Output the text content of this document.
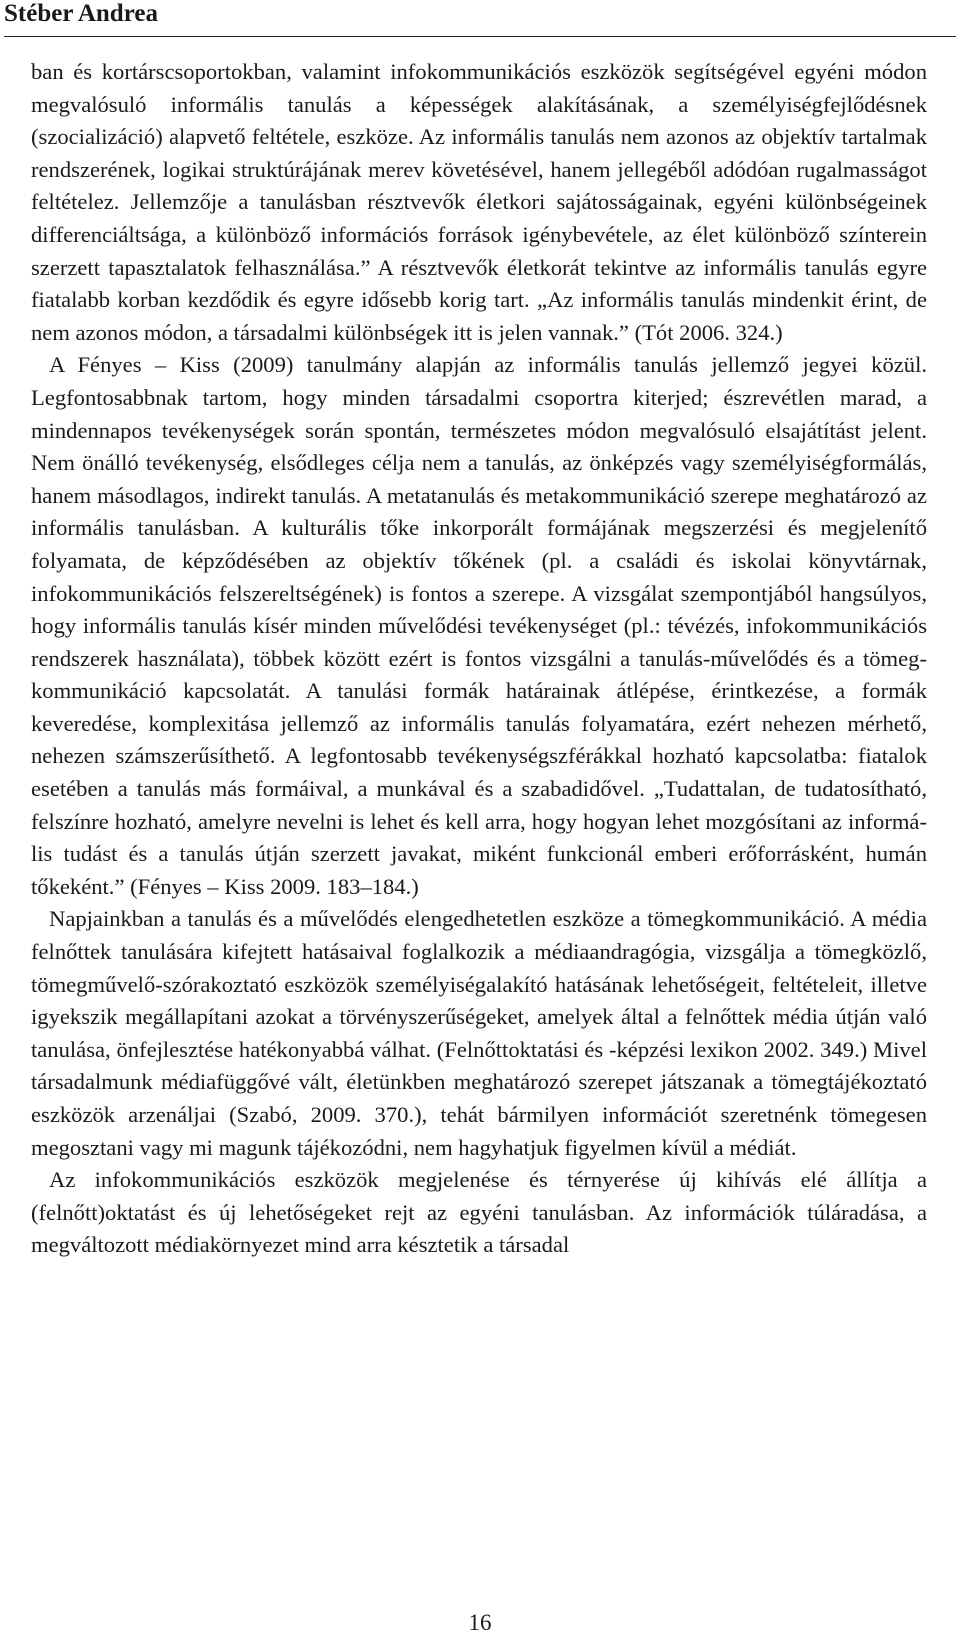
Stéber Andrea

ban és kortárscsoportokban, valamint infokommunikációs eszközök segítségével egyéni módon megvalósuló informális tanulás a képességek alakításának, a személyiségfejlődésnek (szocializáció) alapvető feltétele, eszköze. Az informális tanulás nem azonos az objektív tartalmak rendszerének, logikai struktúrájának merev követésével, hanem jellegéből adódóan rugalmasságot feltételez. Jellemzője a tanulásban résztvevők életkori sajátosságainak, egyéni különbségeinek differenciáltsága, a különböző információs források igénybevétele, az élet különböző színterein szerzett tapasztalatok felhasználása.” A résztvevők életkorát tekintve az informális tanulás egyre fiatalabb korban kezdődik és egyre idősebb korig tart. „Az informális tanulás mindenkit érint, de nem azonos módon, a társadalmi különbségek itt is jelen vannak.” (Tót 2006. 324.)

A Fényes – Kiss (2009) tanulmány alapján az informális tanulás jellemző jegyei közül. Legfontosabbnak tartom, hogy minden társadalmi csoportra kiterjed; észrevétlen marad, a mindennapos tevékenységek során spontán, természetes módon megvalósuló elsajátítást jelent. Nem önálló tevékenység, elsődleges célja nem a tanulás, az önképzés vagy személyiségformálás, hanem másodlagos, indirekt tanulás. A metatanulás és metakommunikáció szerepe meghatározó az informális tanulásban. A kulturális tőke inkorporált formájának megszerzési és megjelenítő folyamata, de képződésében az objektív tőkének (pl. a családi és iskolai könyvtárnak, infokommunikációs felszereltségének) is fontos a szerepe. A vizsgálat szempontjából hangsúlyos, hogy informális tanulás kísér minden művelődési tevékenységet (pl.: tévézés, infokommunikációs rendszerek használata), többek között ezért is fontos vizsgálni a tanulás-művelődés és a tömegkommunikáció kapcsolatát. A tanulási formák határainak átlépése, érintkezése, a formák keveredése, komplexitása jellemző az informális tanulás folyamatára, ezért nehezen mérhető, nehezen számszerűsíthető. A legfontosabb tevékenységszférákkal hozható kapcsolatba: fiatalok esetében a tanulás más formáival, a munkával és a szabadidővel. „Tudattalan, de tudatosítható, felszínre hozható, amelyre nevelni is lehet és kell arra, hogy hogyan lehet mozgósítani az informális tudást és a tanulás útján szerzett javakat, miként funkcionál emberi erőforrásként, humán tőkeként.” (Fényes – Kiss 2009. 183–184.)

Napjainkban a tanulás és a művelődés elengedhetetlen eszköze a tömegkommunikáció. A média felnőttek tanulására kifejtett hatásaival foglalkozik a médiaandragógia, vizsgálja a tömegközlő, tömegművelő-szórakoztató eszközök személyiségalakító hatásának lehetőségeit, feltételeit, illetve igyekszik megállapítani azokat a törvényszerűségeket, amelyek által a felnőttek média útján való tanulása, önfejlesztése hatékonyabbá válhat. (Felnőttoktatási és -képzési lexikon 2002. 349.) Mivel társadalmunk médiafüggővé vált, életünkben meghatározó szerepet játszanak a tömegtájékoztató eszközök arzenáljai (Szabó, 2009. 370.), tehát bármilyen információt szeretnénk tömegesen megosztani vagy mi magunk tájékozódni, nem hagyhatjuk figyelmen kívül a médiát.

Az infokommunikációs eszközök megjelenése és térnyerése új kihívás elé állítja a (felnőtt)oktatást és új lehetőségeket rejt az egyéni tanulásban. Az információk túláradása, a megváltozott médiakörnyezet mind arra késztetik a társadal

16
